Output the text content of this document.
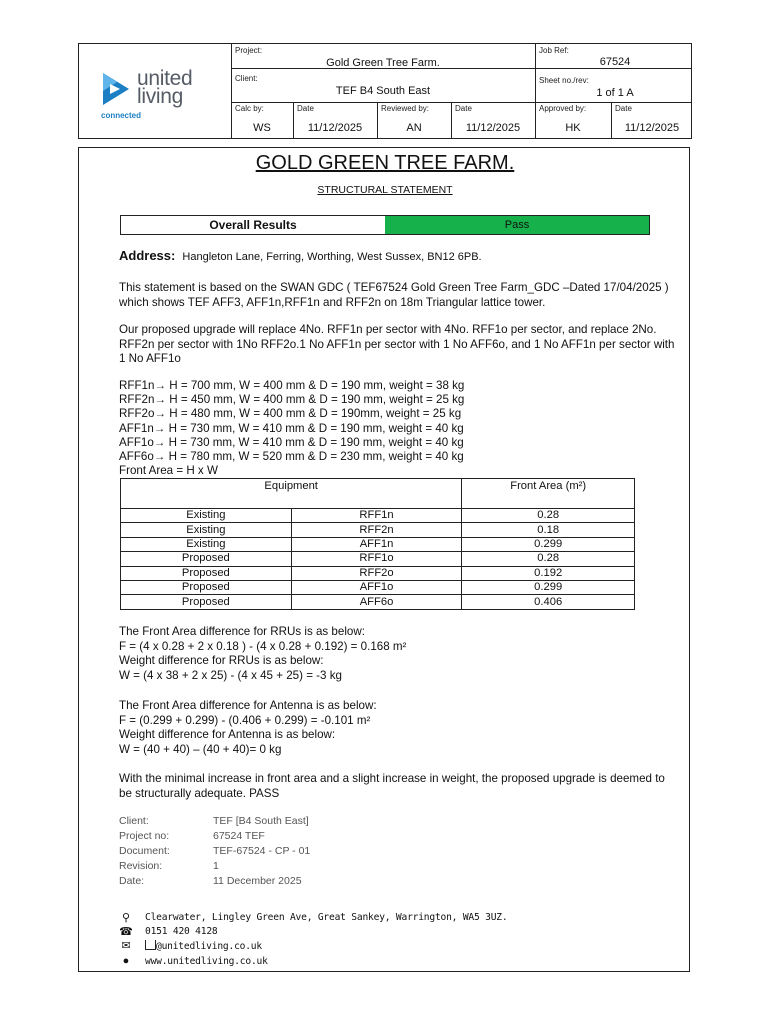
united
living
connected
Project:
Gold Green Tree Farm.
Job Ref:
67524
Client:
TEF B4 South East
Sheet no./rev:
1 of 1 A
Calc by:
WS
Date
11/12/2025
Reviewed by:
AN
Date
11/12/2025
Approved by:
HK
Date
11/12/2025
GOLD GREEN TREE FARM.
STRUCTURAL STATEMENT
Overall Results	Pass
Address: Hangleton Lane, Ferring, Worthing, West Sussex, BN12 6PB.
This statement is based on the SWAN GDC ( TEF67524 Gold Green Tree Farm_GDC –Dated 17/04/2025 ) which shows TEF AFF3, AFF1n,RFF1n and RFF2n on 18m Triangular lattice tower.
Our proposed upgrade will replace 4No. RFF1n per sector with 4No. RFF1o per sector, and replace 2No. RFF2n per sector with 1No RFF2o.1 No AFF1n per sector with 1 No AFF6o, and 1 No AFF1n per sector with 1 No AFF1o
RFF1n→ H = 700 mm, W = 400 mm & D = 190 mm, weight = 38 kg
RFF2n→ H = 450 mm, W = 400 mm & D = 190 mm, weight = 25 kg
RFF2o→ H = 480 mm, W = 400 mm & D = 190mm, weight = 25 kg
AFF1n→ H = 730 mm, W = 410 mm & D = 190 mm, weight = 40 kg
AFF1o→ H = 730 mm, W = 410 mm & D = 190 mm, weight = 40 kg
AFF6o→ H = 780 mm, W = 520 mm & D = 230 mm, weight = 40 kg
Front Area = H x W
Equipment		Front Area (m²)
Existing	RFF1n	0.28
Existing	RFF2n	0.18
Existing	AFF1n	0.299
Proposed	RFF1o	0.28
Proposed	RFF2o	0.192
Proposed	AFF1o	0.299
Proposed	AFF6o	0.406
The Front Area difference for RRUs is as below:
F = (4 x 0.28 + 2 x 0.18 ) - (4 x 0.28 + 0.192) = 0.168 m²
Weight difference for RRUs is as below:
W = (4 x 38 + 2 x 25) - (4 x 45 + 25) = -3 kg
The Front Area difference for Antenna is as below:
F = (0.299 + 0.299) - (0.406 + 0.299) = -0.101 m²
Weight difference for Antenna is as below:
W = (40 + 40) – (40 + 40)= 0 kg
With the minimal increase in front area and a slight increase in weight, the proposed upgrade is deemed to be structurally adequate. PASS
Client:	TEF [B4 South East]
Project no:	67524 TEF
Document:	TEF-67524 - CP - 01
Revision:	1
Date:	11 December 2025
⚲	Clearwater, Lingley Green Ave, Great Sankey, Warrington, WA5 3UZ.
☎ 0151 420 4128
✉	@unitedliving.co.uk
●	www.unitedliving.co.uk
